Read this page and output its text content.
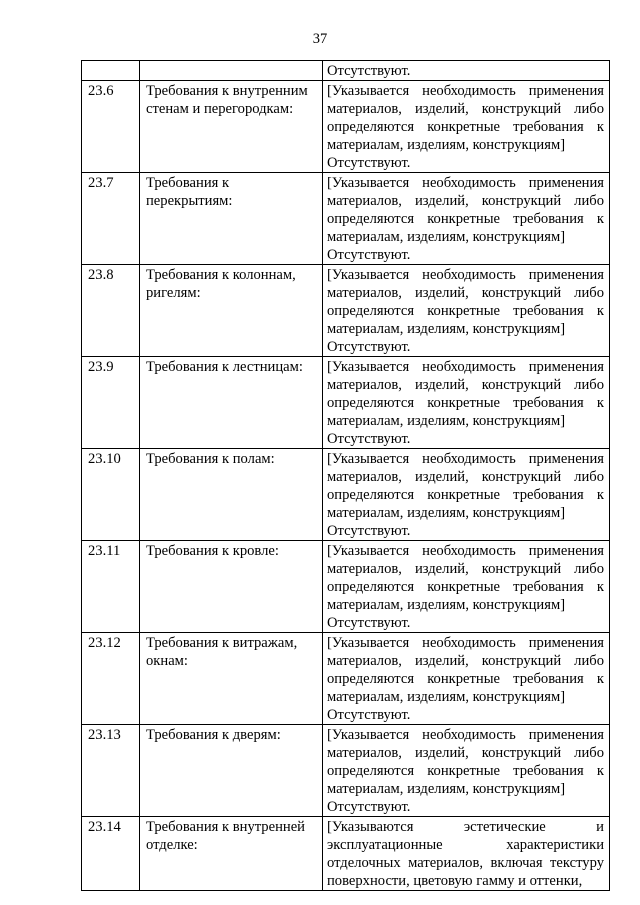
37
		Отсутствуют.
23.6	Требования к внутренним стенам и перегородкам:	[Указывается необходимость применения материалов, изделий, конструкций либо определяются конкретные требования к материалам, изделиям, конструкциям]
Отсутствуют.

23.7	Требования к перекрытиям:	[Указывается необходимость применения материалов, изделий, конструкций либо определяются конкретные требования к материалам, изделиям, конструкциям]
Отсутствуют.

23.8	Требования к колоннам, ригелям:	[Указывается необходимость применения материалов, изделий, конструкций либо определяются конкретные требования к материалам, изделиям, конструкциям]
Отсутствуют.

23.9	Требования к лестницам:	[Указывается необходимость применения материалов, изделий, конструкций либо определяются конкретные требования к материалам, изделиям, конструкциям]
Отсутствуют.

23.10	Требования к полам:	[Указывается необходимость применения материалов, изделий, конструкций либо определяются конкретные требования к материалам, изделиям, конструкциям]
Отсутствуют.

23.11	Требования к кровле:	[Указывается необходимость применения материалов, изделий, конструкций либо определяются конкретные требования к материалам, изделиям, конструкциям]
Отсутствуют.

23.12	Требования к витражам, окнам:	[Указывается необходимость применения материалов, изделий, конструкций либо определяются конкретные требования к материалам, изделиям, конструкциям]
Отсутствуют.

23.13	Требования к дверям:	[Указывается необходимость применения материалов, изделий, конструкций либо определяются конкретные требования к материалам, изделиям, конструкциям]
Отсутствуют.

23.14	Требования к внутренней отделке:	[Указываются эстетические и эксплуатационные характеристики отделочных материалов, включая текстуру поверхности, цветовую гамму и оттенки,
